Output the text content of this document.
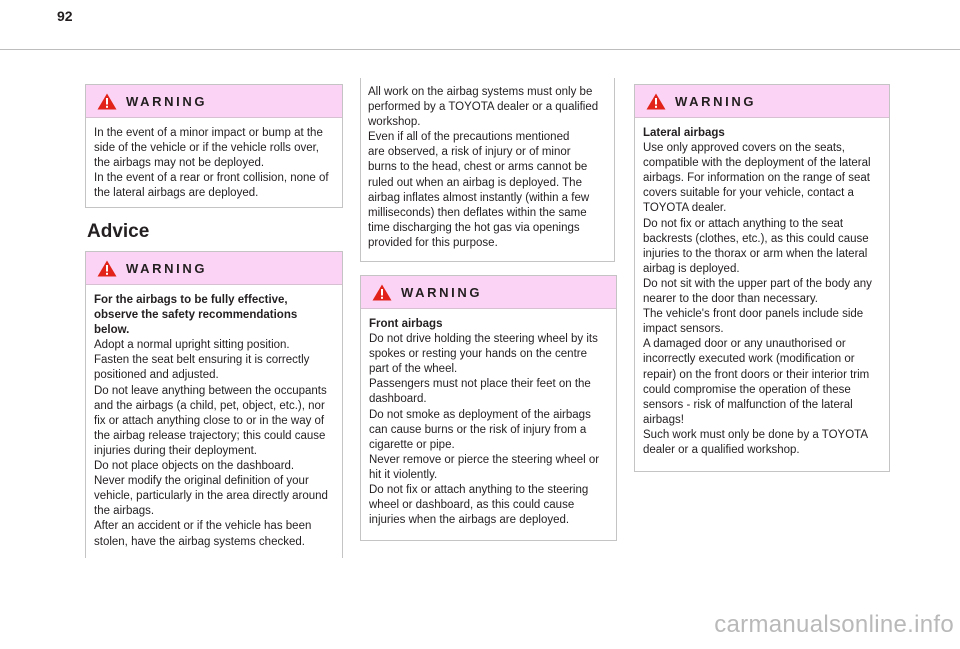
92
WARNING

In the event of a minor impact or bump at the

side of the vehicle or if the vehicle rolls over,

the airbags may not be deployed.

In the event of a rear or front collision, none of

the lateral airbags are deployed.

Advice
WARNING

For the airbags to be fully effective,

observe the safety recommendations

below.

Adopt a normal upright sitting position.

Fasten the seat belt ensuring it is correctly

positioned and adjusted.

Do not leave anything between the occupants

and the airbags (a child, pet, object, etc.), nor

fix or attach anything close to or in the way of

the airbag release trajectory; this could cause

injuries during their deployment.

Do not place objects on the dashboard.

Never modify the original definition of your

vehicle, particularly in the area directly around

the airbags.

After an accident or if the vehicle has been

stolen, have the airbag systems checked.

All work on the airbag systems must only be

performed by a TOYOTA dealer or a qualified

workshop.

Even if all of the precautions mentioned

are observed, a risk of injury or of minor

burns to the head, chest or arms cannot be

ruled out when an airbag is deployed. The

airbag inflates almost instantly (within a few

milliseconds) then deflates within the same

time discharging the hot gas via openings

provided for this purpose.

WARNING

Front airbags

Do not drive holding the steering wheel by its

spokes or resting your hands on the centre

part of the wheel.

Passengers must not place their feet on the

dashboard.

Do not smoke as deployment of the airbags

can cause burns or the risk of injury from a

cigarette or pipe.

Never remove or pierce the steering wheel or

hit it violently.

Do not fix or attach anything to the steering

wheel or dashboard, as this could cause

injuries when the airbags are deployed.

WARNING

Lateral airbags

Use only approved covers on the seats,

compatible with the deployment of the lateral

airbags. For information on the range of seat

covers suitable for your vehicle, contact a

TOYOTA dealer.

Do not fix or attach anything to the seat

backrests (clothes, etc.), as this could cause

injuries to the thorax or arm when the lateral

airbag is deployed.

Do not sit with the upper part of the body any

nearer to the door than necessary.

The vehicle's front door panels include side

impact sensors.

A damaged door or any unauthorised or

incorrectly executed work (modification or

repair) on the front doors or their interior trim

could compromise the operation of these

sensors - risk of malfunction of the lateral

airbags!

Such work must only be done by a TOYOTA

dealer or a qualified workshop.

carmanualsonline.info
